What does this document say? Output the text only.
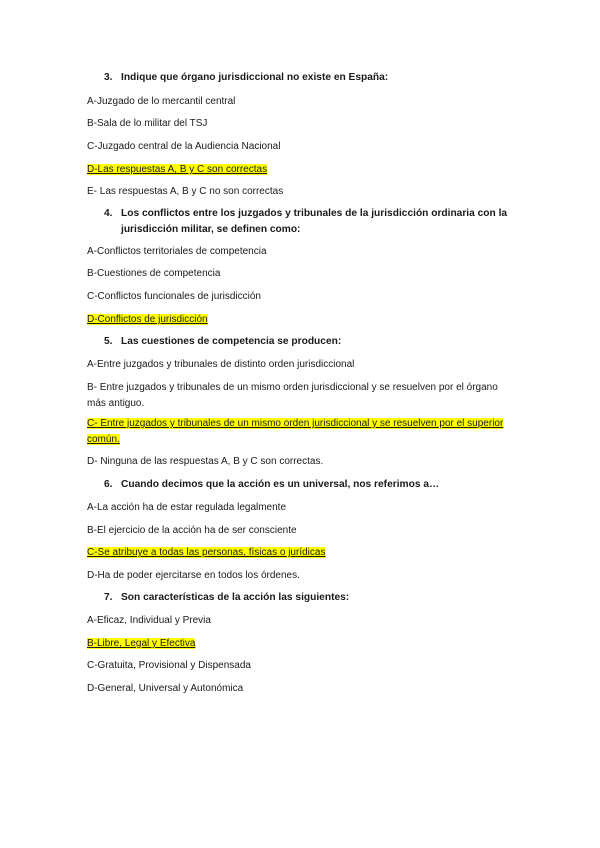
3. Indique que órgano jurisdiccional no existe en España:
A-Juzgado de lo mercantil central
B-Sala de lo militar del TSJ
C-Juzgado central de la Audiencia Nacional
D-Las respuestas A, B y C son correctas
E- Las respuestas A, B y C no son correctas
4. Los conflictos entre los juzgados y tribunales de la jurisdicción ordinaria con la jurisdicción militar, se definen como:
A-Conflictos territoriales de competencia
B-Cuestiones de competencia
C-Conflictos funcionales de jurisdicción
D-Conflictos de jurisdicción
5. Las cuestiones de competencia se producen:
A-Entre juzgados y tribunales de distinto orden jurisdiccional
B- Entre juzgados y tribunales de un mismo orden jurisdiccional y se resuelven por el órgano más antiguo.
C- Entre juzgados y tribunales de un mismo orden jurisdiccional y se resuelven por el superior común.
D- Ninguna de las respuestas A, B y C son correctas.
6. Cuando decimos que la acción es un universal, nos referimos a…
A-La acción ha de estar regulada legalmente
B-El ejercicio de la acción ha de ser consciente
C-Se atribuye a todas las personas, físicas o jurídicas
D-Ha de poder ejercitarse en todos los órdenes.
7. Son características de la acción las siguientes:
A-Eficaz, Individual y Previa
B-Libre, Legal y Efectiva
C-Gratuita, Provisional y Dispensada
D-General, Universal y Autonómica
